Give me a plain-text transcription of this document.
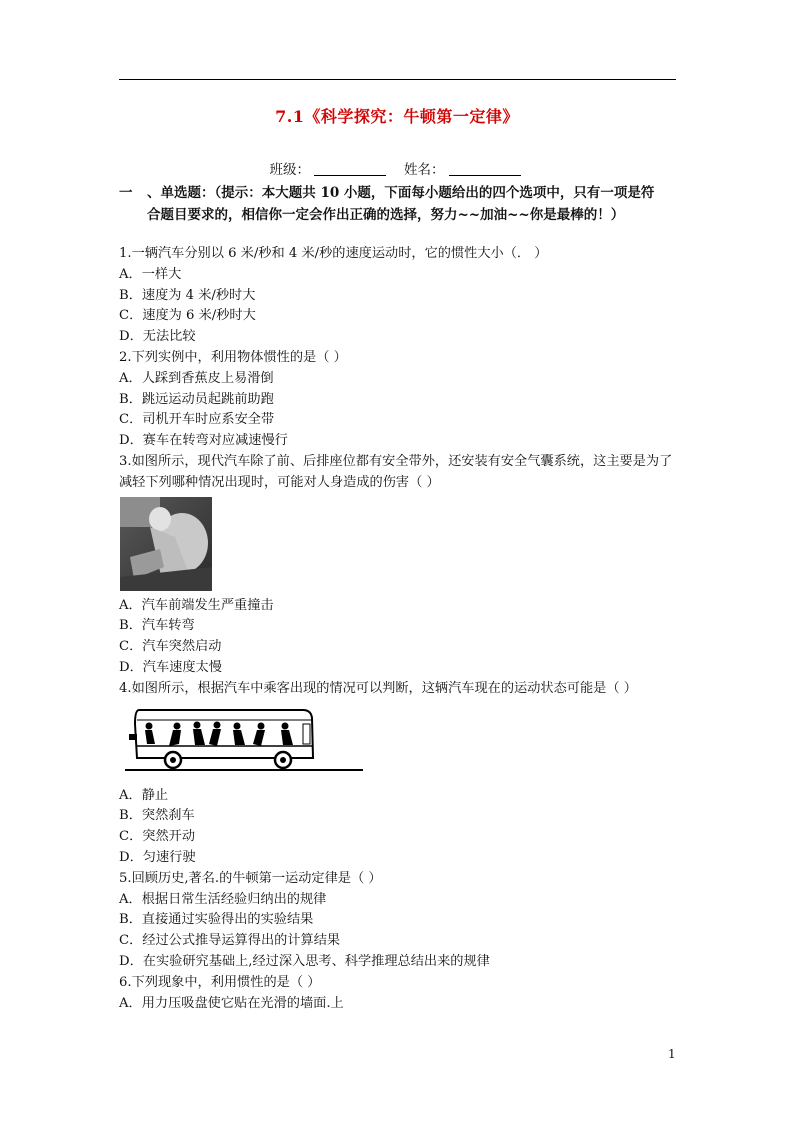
7.1《科学探究：牛顿第一定律》
班级：	姓名：
一 、单选题：（提示：本大题共 10 小题，下面每小题给出的四个选项中，只有一项是符
合题目要求的，相信你一定会作出正确的选择，努力~~加油~~你是最棒的！）

1.一辆汽车分别以 6 米/秒和 4 米/秒的速度运动时，它的惯性大小（． ）

A．一样大

B．速度为 4 米/秒时大

C．速度为 6 米/秒时大

D．无法比较

2.下列实例中，利用物体惯性的是（ ）

A．人踩到香蕉皮上易滑倒

B．跳远运动员起跳前助跑

C．司机开车时应系安全带

D．赛车在转弯对应减速慢行

3.如图所示，现代汽车除了前、后排座位都有安全带外，还安装有安全气囊系统，这主要是为了减轻下列哪种情况出现时，可能对人身造成的伤害（ ）

A．汽车前端发生严重撞击

B．汽车转弯

C．汽车突然启动

D．汽车速度太慢

4.如图所示，根据汽车中乘客出现的情况可以判断，这辆汽车现在的运动状态可能是（ ）

A．静止

B．突然刹车

C．突然开动

D．匀速行驶

5.回顾历史,著名.的牛顿第一运动定律是（ ）

A．根据日常生活经验归纳出的规律

B．直接通过实验得出的实验结果

C．经过公式推导运算得出的计算结果

D．在实验研究基础上,经过深入思考、科学推理总结出来的规律

6.下列现象中，利用惯性的是（ ）

A．用力压吸盘使它贴在光滑的墙面.上

1
